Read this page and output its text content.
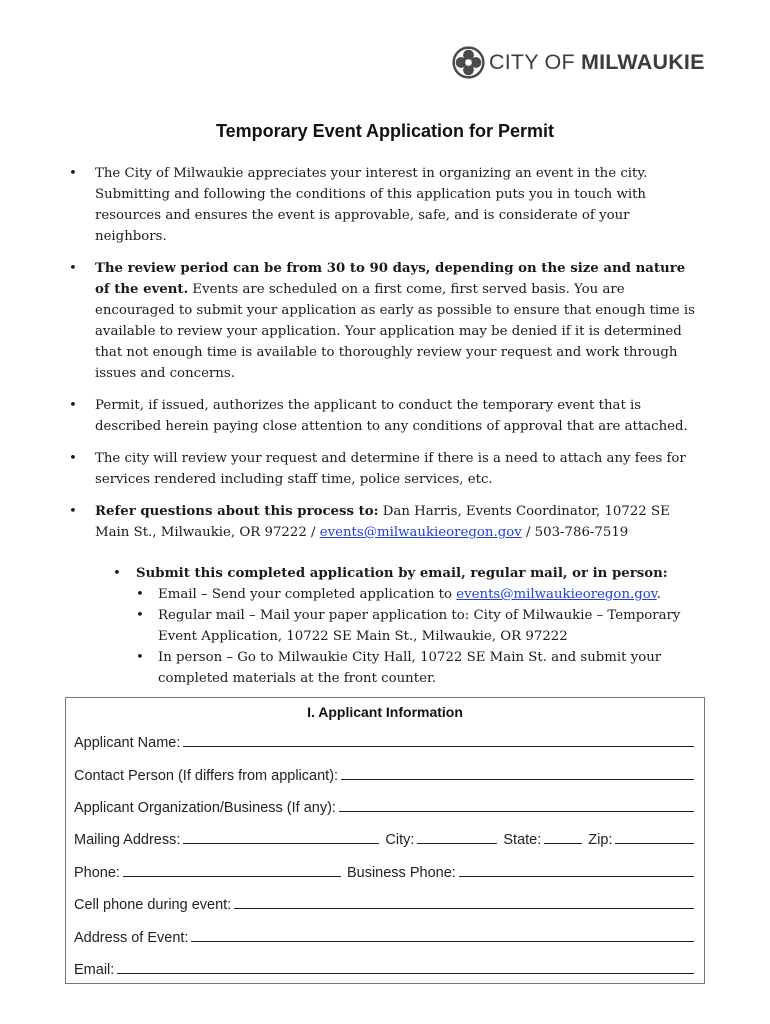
CITY OF MILWAUKIE
Temporary Event Application for Permit
• The City of Milwaukie appreciates your interest in organizing an event in the city. Submitting and following the conditions of this application puts you in touch with resources and ensures the event is approvable, safe, and is considerate of your neighbors.
• The review period can be from 30 to 90 days, depending on the size and nature of the event. Events are scheduled on a first come, first served basis. You are encouraged to submit your application as early as possible to ensure that enough time is available to review your application. Your application may be denied if it is determined that not enough time is available to thoroughly review your request and work through issues and concerns.
• Permit, if issued, authorizes the applicant to conduct the temporary event that is described herein paying close attention to any conditions of approval that are attached.
• The city will review your request and determine if there is a need to attach any fees for services rendered including staff time, police services, etc.
• Refer questions about this process to: Dan Harris, Events Coordinator, 10722 SE Main St., Milwaukie, OR 97222 / events@milwaukieoregon.gov / 503-786-7519
• Submit this completed application by email, regular mail, or in person:
• Email – Send your completed application to events@milwaukieoregon.gov.
• Regular mail – Mail your paper application to: City of Milwaukie – Temporary Event Application, 10722 SE Main St., Milwaukie, OR 97222
• In person – Go to Milwaukie City Hall, 10722 SE Main St. and submit your completed materials at the front counter.
I. Applicant Information
Applicant Name:
Contact Person (If differs from applicant):
Applicant Organization/Business (If any):
Mailing Address:	City:	State:	Zip:
Phone:	Business Phone:
Cell phone during event:
Address of Event:
Email:
